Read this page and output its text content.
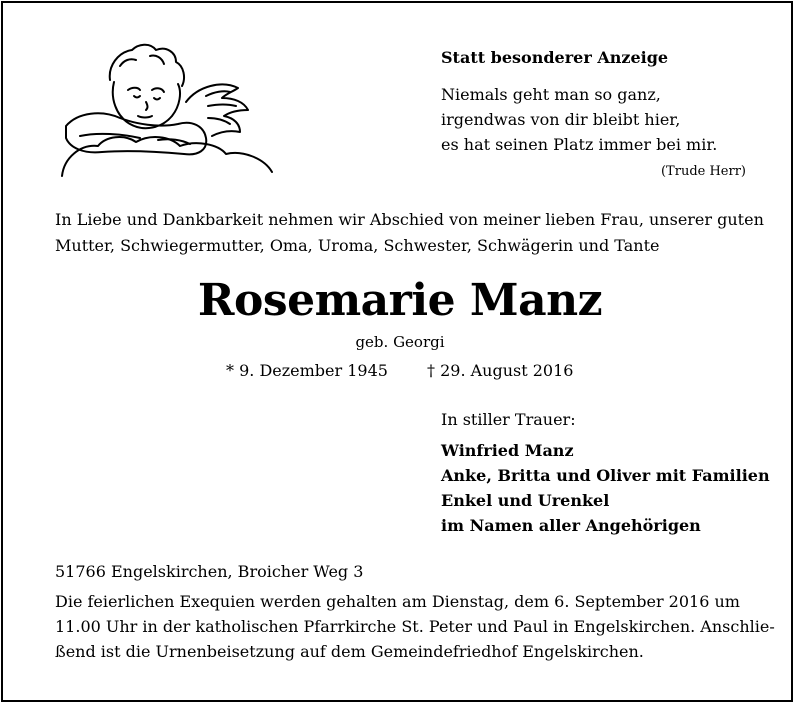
Statt besonderer Anzeige
Niemals geht man so ganz,
irgendwas von dir bleibt hier,
es hat seinen Platz immer bei mir.
(Trude Herr)
In Liebe und Dankbarkeit nehmen wir Abschied von meiner lieben Frau, unserer guten
Mutter, Schwiegermutter, Oma, Uroma, Schwester, Schwägerin und Tante
Rosemarie Manz
geb. Georgi
* 9. Dezember 1945 † 29. August 2016
In stiller Trauer:
Winfried Manz
Anke, Britta und Oliver mit Familien
Enkel und Urenkel
im Namen aller Angehörigen
51766 Engelskirchen, Broicher Weg 3
Die feierlichen Exequien werden gehalten am Dienstag, dem 6. September 2016 um
11.00 Uhr in der katholischen Pfarrkirche St. Peter und Paul in Engelskirchen. Anschlie-
ßend ist die Urnenbeisetzung auf dem Gemeindefriedhof Engelskirchen.
